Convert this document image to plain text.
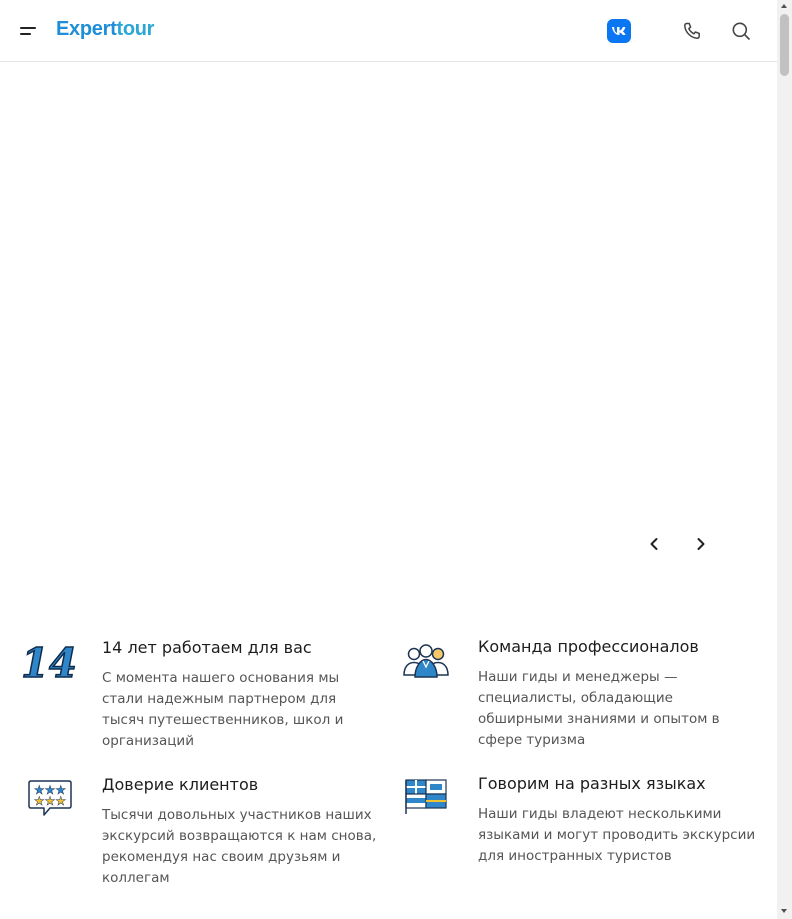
Experttour
14 14 лет работаем для вас

С момента нашего основания мы стали надежным партнером для тысяч путешественников, школ и организаций

Команда профессионалов

Наши гиды и менеджеры — специалисты, обладающие обширными знаниями и опытом в сфере туризма

★★★
★★★
Доверие клиентов

Тысячи довольных участников наших экскурсий возвращаются к нам снова, рекомендуя нас своим друзьям и коллегам

Говорим на разных языках

Наши гиды владеют несколькими языками и могут проводить экскурсии для иностранных туристов
